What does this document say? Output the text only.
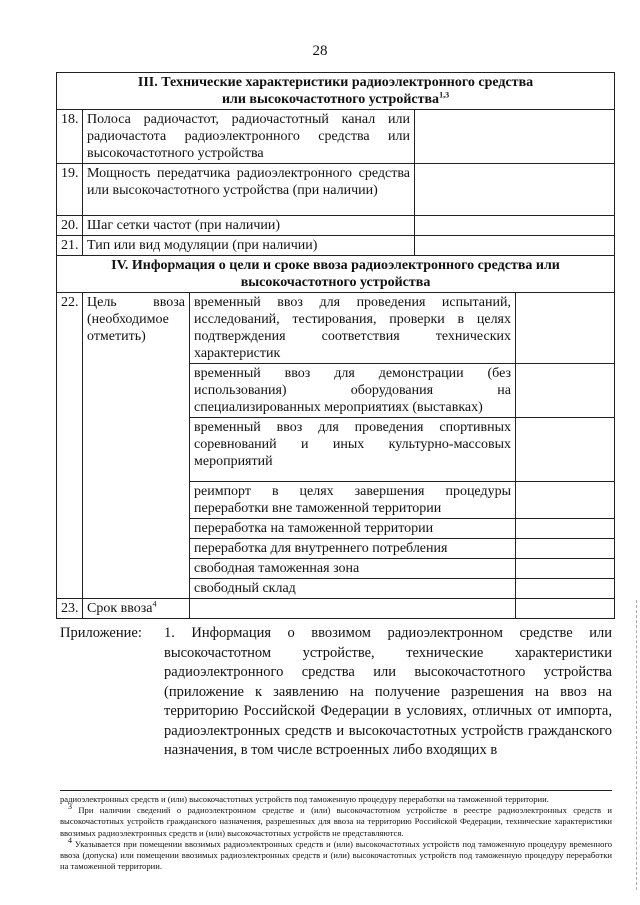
28
III. Технические характеристики радиоэлектронного средства
или высокочастотного устройства$^{1,3}$
18.	Полоса радиочастот, радиочастотный канал или радиочастота радиоэлектронного средства или высокочастотного устройства			
19.	Мощность передатчика радиоэлектронного средства или высокочастотного устройства (при наличии)			
20.	Шаг сетки частот (при наличии)			
21.	Тип или вид модуляции (при наличии)			
IV. Информация о цели и сроке ввоза радиоэлектронного средства или
высокочастотного устройства				
22.	Цель ввоза (необходимое отметить)	временный ввоз для проведения испытаний, исследований, тестирования, проверки в целях подтверждения соответствия технических характеристик		
		временный ввоз для демонстрации (без использования) оборудования на специализированных мероприятиях (выставках)		
		временный ввоз для проведения спортивных соревнований и иных культурно-массовых мероприятий		
		реимпорт в целях завершения процедуры переработки вне таможенной территории		
		переработка на таможенной территории		
		переработка для внутреннего потребления		
		свободная таможенная зона		
		свободный склад		
23.	Срок ввоза$^4$		
Приложение: 1. Информация о ввозимом радиоэлектронном средстве или высокочастотном устройстве, технические характеристики радиоэлектронного средства или высокочастотного устройства (приложение к заявлению на получение разрешения на ввоз на территорию Российской Федерации в условиях, отличных от импорта, радиоэлектронных средств и высокочастотных устройств гражданского назначения, в том числе встроенных либо входящих в

радиоэлектронных средств и (или) высокочастотных устройств под таможенную процедуру переработки на таможенной территории.

$^3$ При наличии сведений о радиоэлектронном средстве и (или) высокочастотном устройстве в реестре радиоэлектронных средств и высокочастотных устройств гражданского назначения, разрешенных для ввоза на территорию Российской Федерации, технические характеристики ввозимых радиоэлектронных средств и (или) высокочастотных устройств не представляются.

$^4$ Указывается при помещении ввозимых радиоэлектронных средств и (или) высокочастотных устройств под таможенную процедуру временного ввоза (допуска) или помещении ввозимых радиоэлектронных средств и (или) высокочастотных устройств под таможенную процедуру переработки на таможенной территории.
